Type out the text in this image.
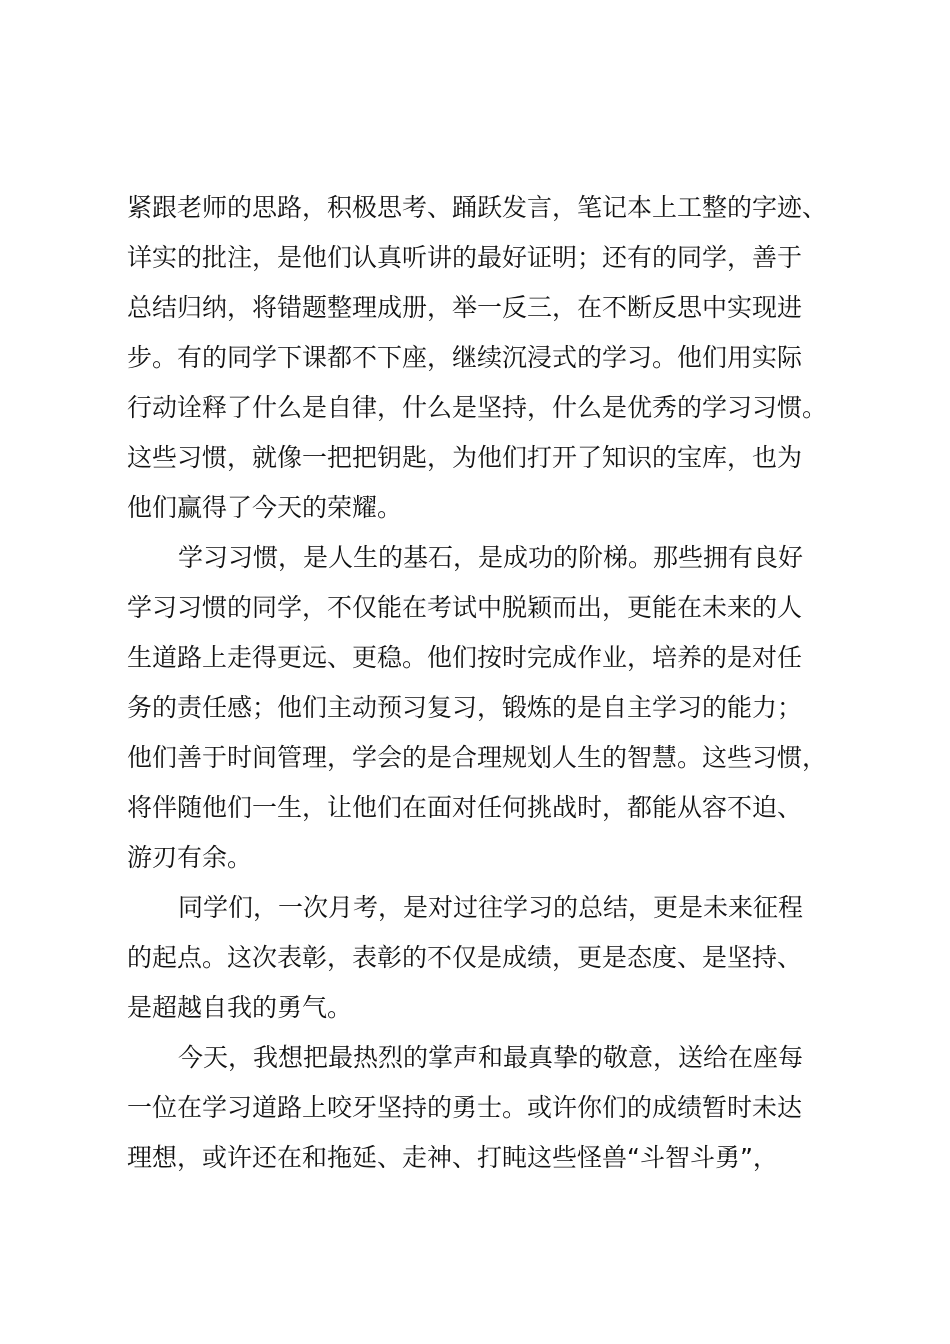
紧跟老师的思路，积极思考、踊跃发言，笔记本上工整的字迹、
详实的批注，是他们认真听讲的最好证明；还有的同学，善于
总结归纳，将错题整理成册，举一反三，在不断反思中实现进
步。有的同学下课都不下座，继续沉浸式的学习。他们用实际
行动诠释了什么是自律，什么是坚持，什么是优秀的学习习惯。
这些习惯，就像一把把钥匙，为他们打开了知识的宝库，也为
他们赢得了今天的荣耀。
学习习惯，是人生的基石，是成功的阶梯。那些拥有良好
学习习惯的同学，不仅能在考试中脱颖而出，更能在未来的人
生道路上走得更远、更稳。他们按时完成作业，培养的是对任
务的责任感；他们主动预习复习，锻炼的是自主学习的能力；
他们善于时间管理，学会的是合理规划人生的智慧。这些习惯，
将伴随他们一生，让他们在面对任何挑战时，都能从容不迫、
游刃有余。
同学们，一次月考，是对过往学习的总结，更是未来征程
的起点。这次表彰，表彰的不仅是成绩，更是态度、是坚持、
是超越自我的勇气。
今天，我想把最热烈的掌声和最真挚的敬意，送给在座每
一位在学习道路上咬牙坚持的勇士。或许你们的成绩暂时未达
理想，或许还在和拖延、走神、打盹这些怪兽“斗智斗勇”，
